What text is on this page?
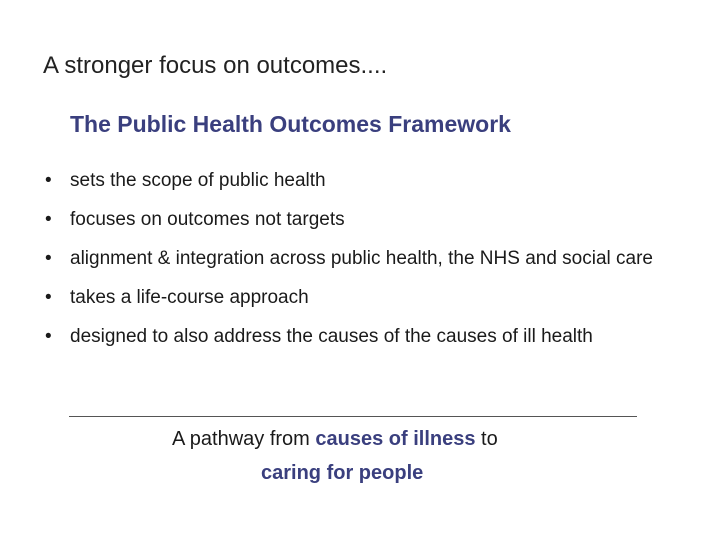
A stronger focus on outcomes....
The Public Health Outcomes Framework
• sets the scope of public health
• focuses on outcomes not targets
• alignment & integration across public health, the NHS and social care
• takes a life-course approach
• designed to also address the causes of the causes of ill health
A pathway from causes of illness to
caring for people
